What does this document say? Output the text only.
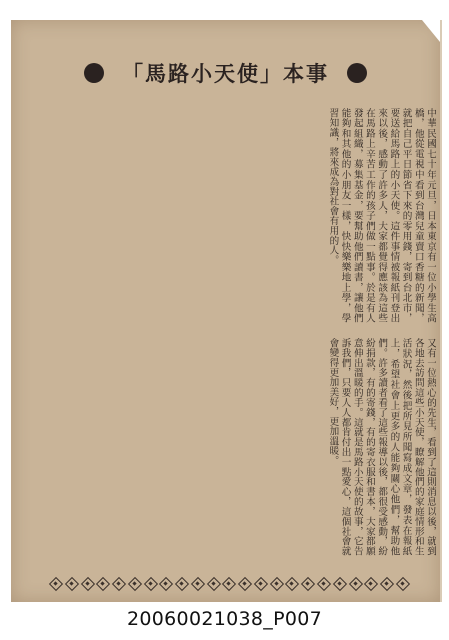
事本「使天小路馬」
中華民國七十年元旦，日本東京有一位小學生高橋，他從電視中看到台灣兒童賣口香糖的新聞，就把自己平日節省下來的零用錢，寄到台北市，要送給馬路上的小天使。這件事情被報紙刊登出來以後，感動了許多人，大家都覺得應該為這些在馬路上辛苦工作的孩子們做一點事。於是有人發起組織，募集基金，要幫助他們讀書，讓他們能夠和其他的小朋友一樣，快快樂樂地上學，學習知識，將來成為對社會有用的人。
又有一位熱心的先生，看到了這則消息以後，就到各地去訪問這些小天使，瞭解他們的家庭情形和生活狀況，然後把所見所聞寫成文章，發表在報紙上，希望社會上更多的人能夠關心他們，幫助他們。許多讀者看了這些報導以後，都很受感動，紛紛捐款，有的寄錢，有的寄衣服和書本，大家都願意伸出溫暖的手。這就是馬路小天使的故事，它告訴我們，只要人人都肯付出一點愛心，這個社會就會變得更加美好，更加溫暖。
20060021038_P007
